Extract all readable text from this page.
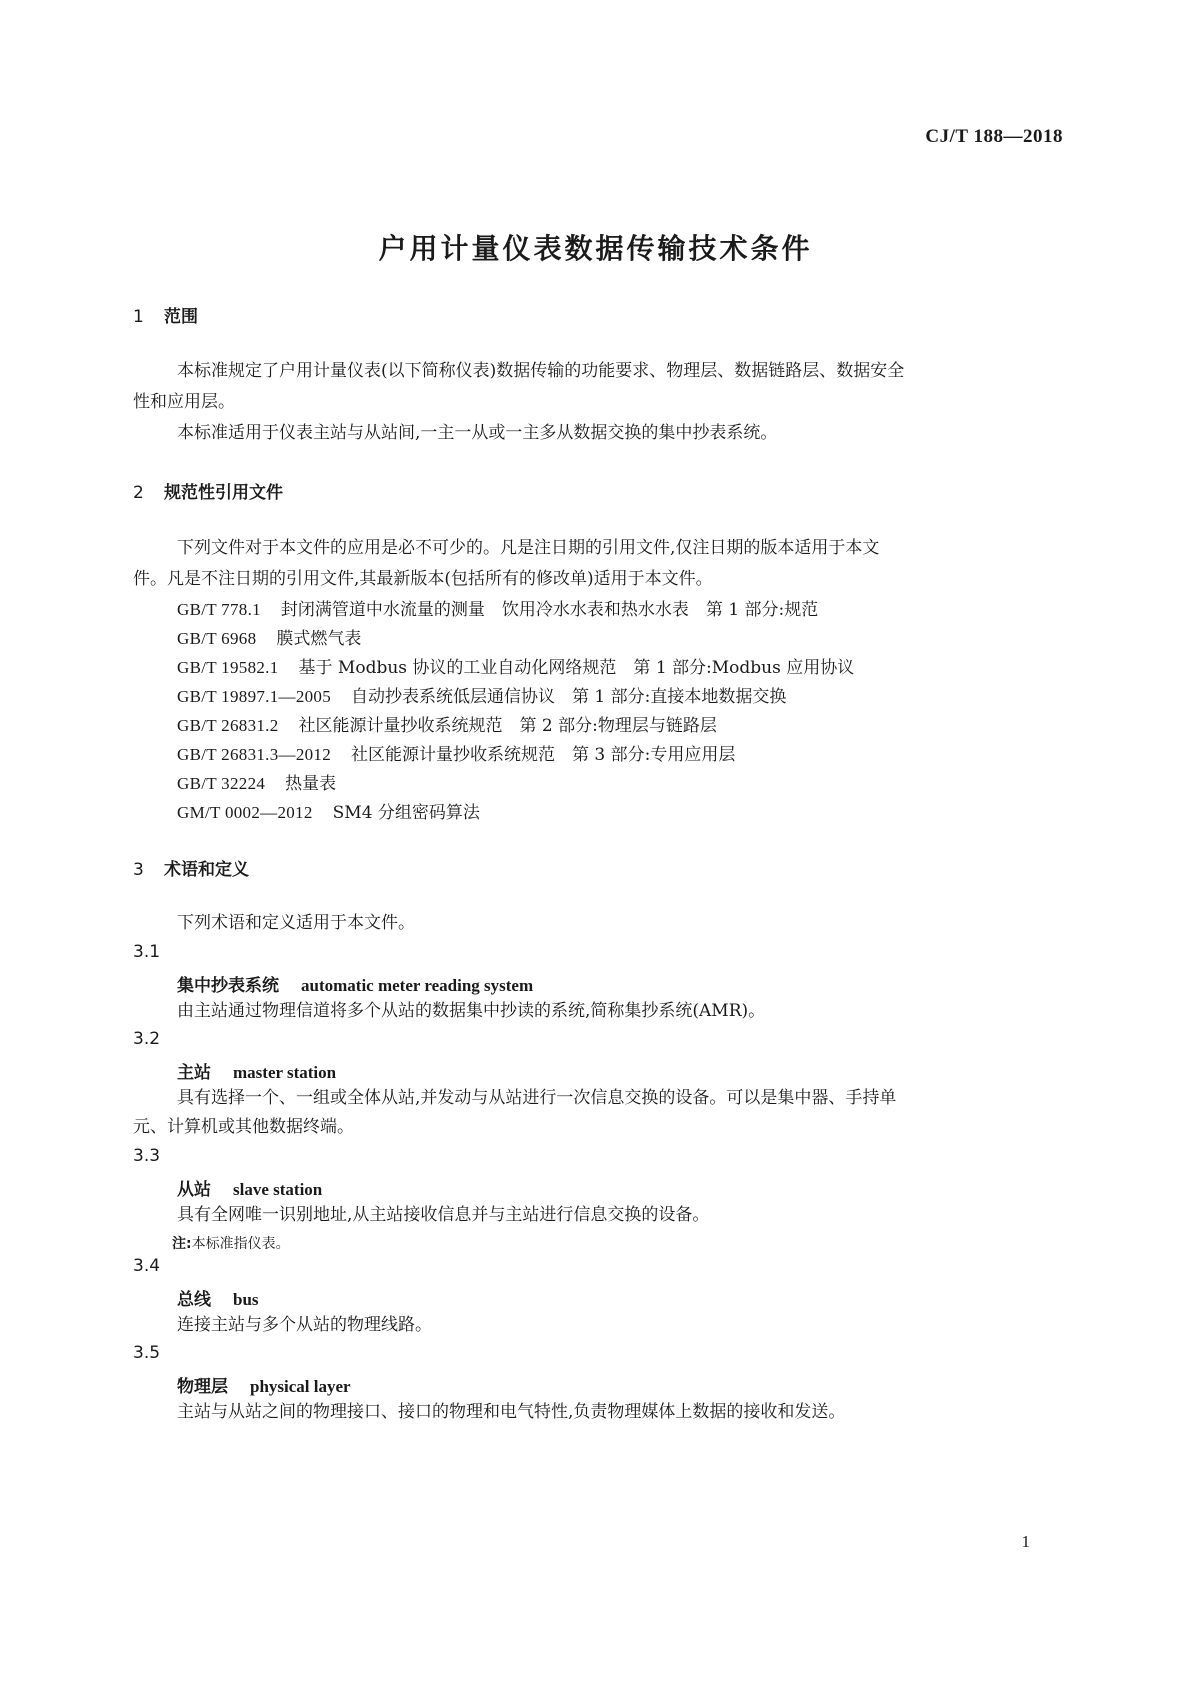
CJ/T 188—2018
户用计量仪表数据传输技术条件
1 范围
本标准规定了户用计量仪表(以下简称仪表)数据传输的功能要求、物理层、数据链路层、数据安全
性和应用层。
本标准适用于仪表主站与从站间,一主一从或一主多从数据交换的集中抄表系统。
2 规范性引用文件
下列文件对于本文件的应用是必不可少的。凡是注日期的引用文件,仅注日期的版本适用于本文
件。凡是不注日期的引用文件,其最新版本(包括所有的修改单)适用于本文件。
GB/T 778.1 封闭满管道中水流量的测量　饮用冷水水表和热水水表　第 1 部分:规范
GB/T 6968 膜式燃气表
GB/T 19582.1 基于 Modbus 协议的工业自动化网络规范　第 1 部分:Modbus 应用协议
GB/T 19897.1—2005 自动抄表系统低层通信协议　第 1 部分:直接本地数据交换
GB/T 26831.2 社区能源计量抄收系统规范　第 2 部分:物理层与链路层
GB/T 26831.3—2012 社区能源计量抄收系统规范　第 3 部分:专用应用层
GB/T 32224 热量表
GM/T 0002—2012 SM4 分组密码算法
3 术语和定义
下列术语和定义适用于本文件。
3.1
集中抄表系统 automatic meter reading system
由主站通过物理信道将多个从站的数据集中抄读的系统,简称集抄系统(AMR)。
3.2
主站 master station
具有选择一个、一组或全体从站,并发动与从站进行一次信息交换的设备。可以是集中器、手持单
元、计算机或其他数据终端。
3.3
从站 slave station
具有全网唯一识别地址,从主站接收信息并与主站进行信息交换的设备。
注:本标准指仪表。
3.4
总线 bus
连接主站与多个从站的物理线路。
3.5
物理层 physical layer
主站与从站之间的物理接口、接口的物理和电气特性,负责物理媒体上数据的接收和发送。
1
